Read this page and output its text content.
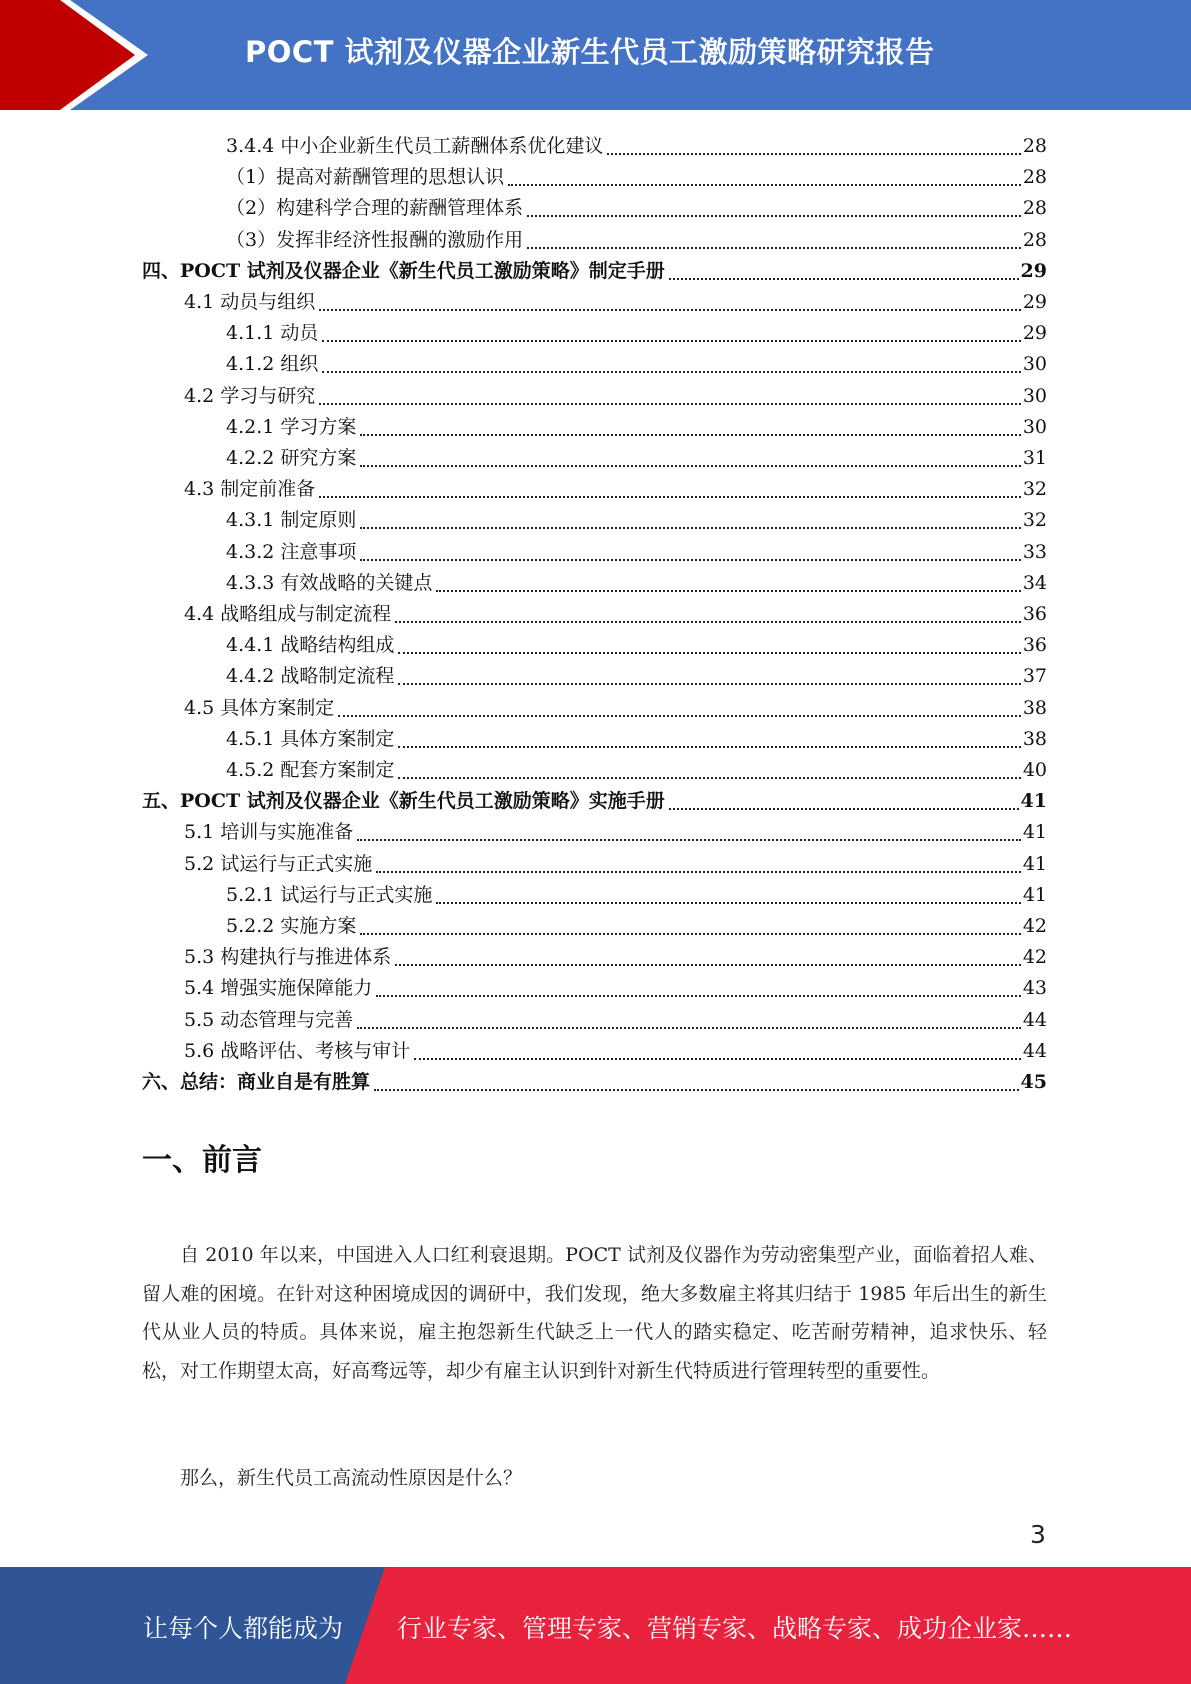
POCT 试剂及仪器企业新生代员工激励策略研究报告
3.4.4 中小企业新生代员工薪酬体系优化建议	28
（1）提高对薪酬管理的思想认识	28
（2）构建科学合理的薪酬管理体系	28
（3）发挥非经济性报酬的激励作用	28
四、POCT 试剂及仪器企业《新生代员工激励策略》制定手册	29
4.1 动员与组织	29
4.1.1 动员	29
4.1.2 组织	30
4.2 学习与研究	30
4.2.1 学习方案	30
4.2.2 研究方案	31
4.3 制定前准备	32
4.3.1 制定原则	32
4.3.2 注意事项	33
4.3.3 有效战略的关键点	34
4.4 战略组成与制定流程	36
4.4.1 战略结构组成	36
4.4.2 战略制定流程	37
4.5 具体方案制定	38
4.5.1 具体方案制定	38
4.5.2 配套方案制定	40
五、POCT 试剂及仪器企业《新生代员工激励策略》实施手册	41
5.1 培训与实施准备	41
5.2 试运行与正式实施	41
5.2.1 试运行与正式实施	41
5.2.2 实施方案	42
5.3 构建执行与推进体系	42
5.4 增强实施保障能力	43
5.5 动态管理与完善	44
5.6 战略评估、考核与审计	44
六、总结：商业自是有胜算	45
一、前言
自 2010 年以来，中国进入人口红利衰退期。POCT 试剂及仪器作为劳动密集型产业，面临着招人难、留人难的困境。在针对这种困境成因的调研中，我们发现，绝大多数雇主将其归结于 1985 年后出生的新生代从业人员的特质。具体来说，雇主抱怨新生代缺乏上一代人的踏实稳定、吃苦耐劳精神，追求快乐、轻松，对工作期望太高，好高骛远等，却少有雇主认识到针对新生代特质进行管理转型的重要性。
那么，新生代员工高流动性原因是什么？
3
让每个人都能成为 行业专家、管理专家、营销专家、战略专家、成功企业家……
